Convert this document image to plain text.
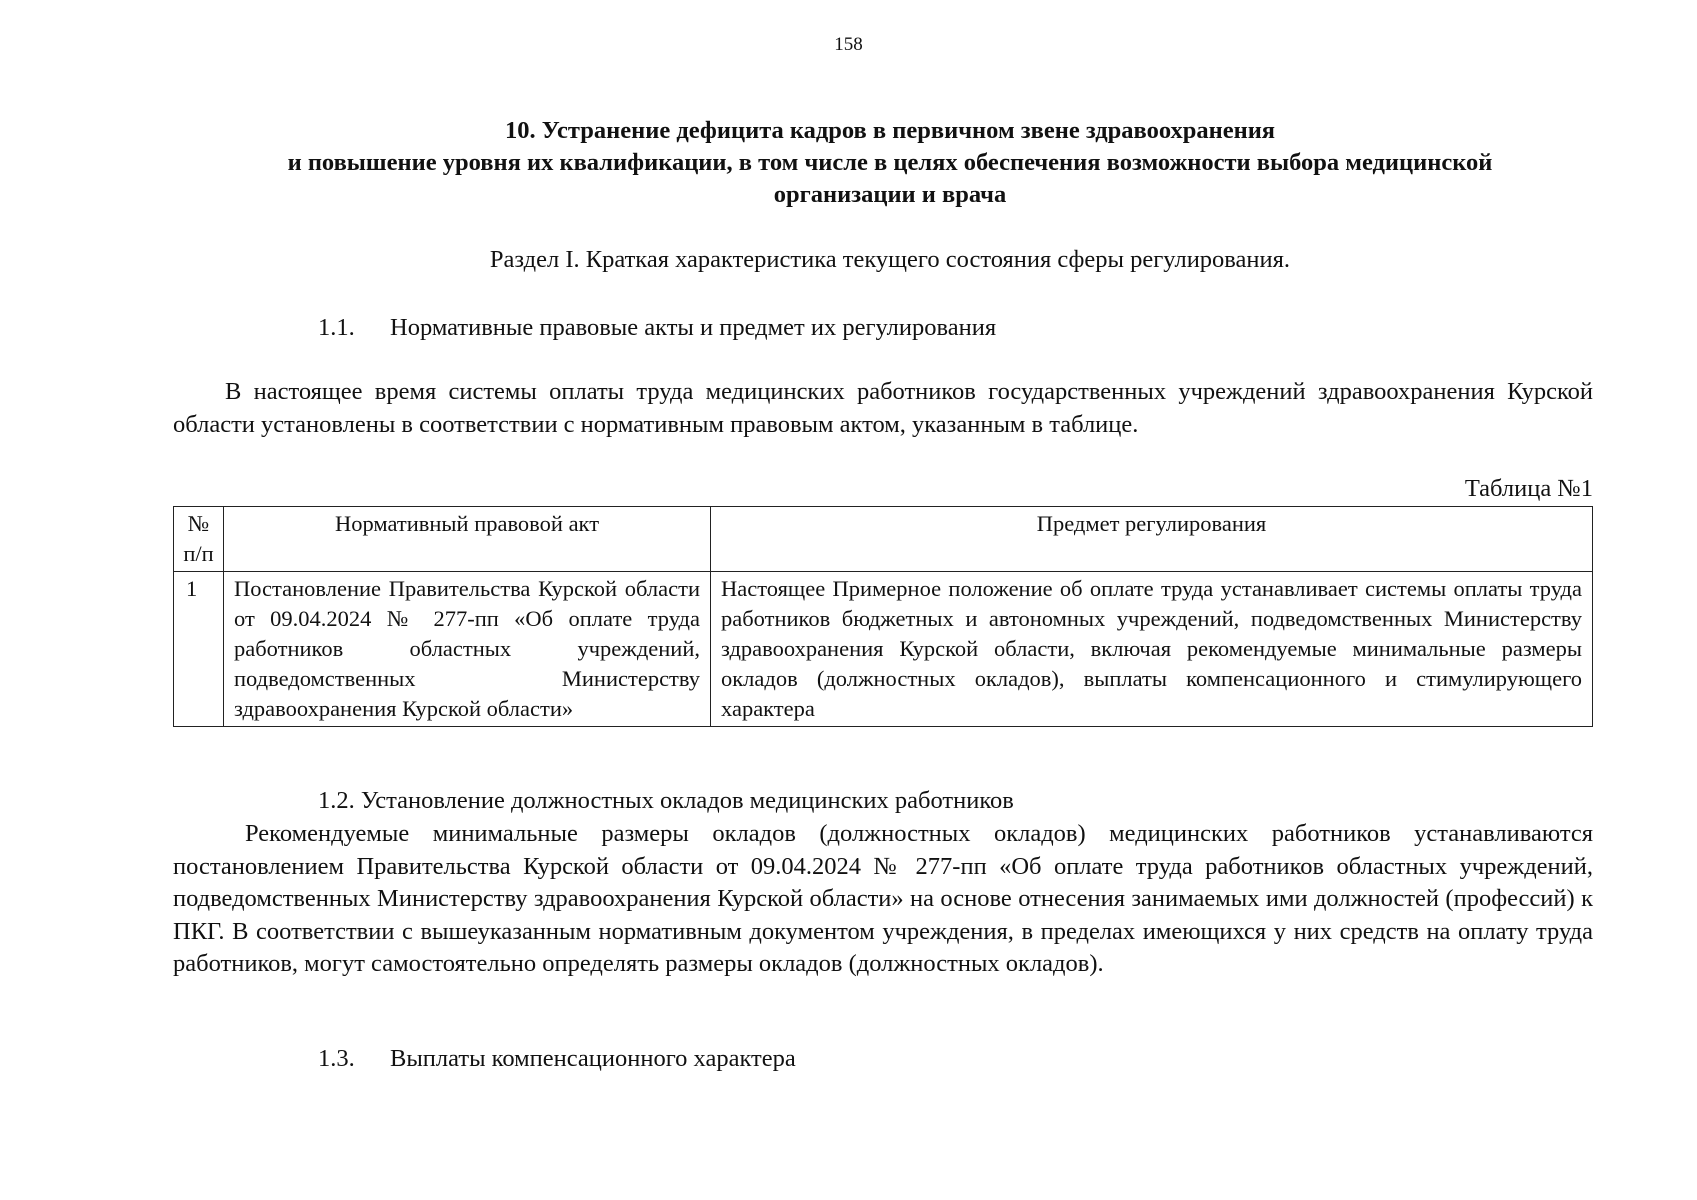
158
10. Устранение дефицита кадров в первичном звене здравоохранения
и повышение уровня их квалификации, в том числе в целях обеспечения возможности выбора медицинской
организации и врача
Раздел I. Краткая характеристика текущего состояния сферы регулирования.
1.1. Нормативные правовые акты и предмет их регулирования
В настоящее время системы оплаты труда медицинских работников государственных учреждений здравоохранения Курской области установлены в соответствии с нормативным правовым актом, указанным в таблице.
Таблица №1
№ п/п	Нормативный правовой акт	Предмет регулирования
1	Постановление Правительства Курской области от 09.04.2024 № 277-пп «Об оплате труда работников областных учреждений, подведомственных Министерству здравоохранения Курской области»	Настоящее Примерное положение об оплате труда устанавливает системы оплаты труда работников бюджетных и автономных учреждений, подведомственных Министерству здравоохранения Курской области, включая рекомендуемые минимальные размеры окладов (должностных окладов), выплаты компенсационного и стимулирующего характера
1.2. Установление должностных окладов медицинских работников
Рекомендуемые минимальные размеры окладов (должностных окладов) медицинских работников устанавливаются постановлением Правительства Курской области от 09.04.2024 № 277-пп «Об оплате труда работников областных учреждений, подведомственных Министерству здравоохранения Курской области» на основе отнесения занимаемых ими должностей (профессий) к ПКГ. В соответствии с вышеуказанным нормативным документом учреждения, в пределах имеющихся у них средств на оплату труда работников, могут самостоятельно определять размеры окладов (должностных окладов).
1.3. Выплаты компенсационного характера
